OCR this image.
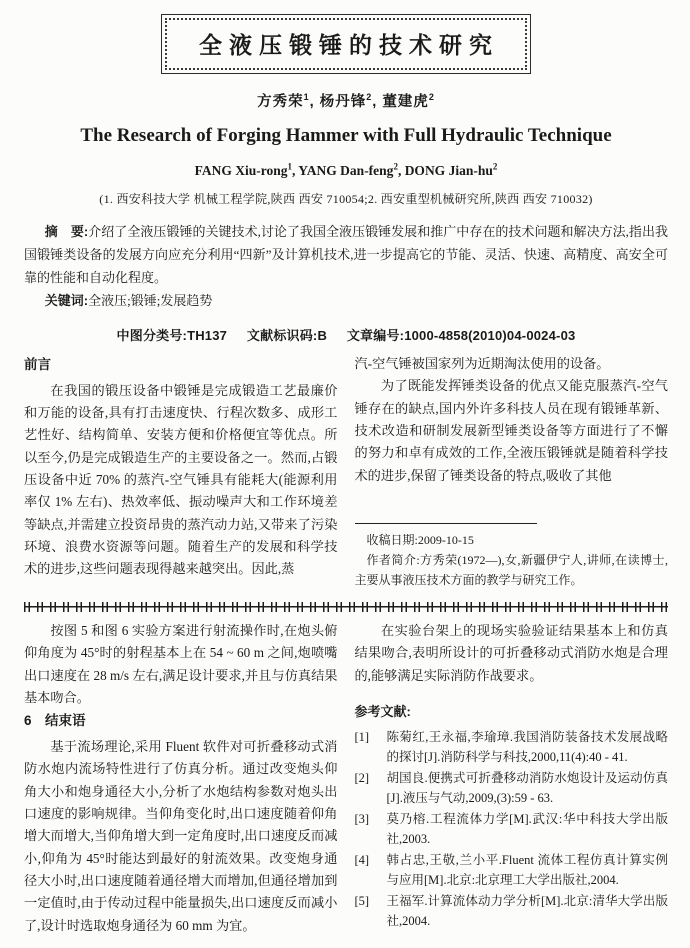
全液压锻锤的技术研究
方秀荣$^1$, 杨丹锋$^2$, 董建虎$^2$
The Research of Forging Hammer with Full Hydraulic Technique
FANG Xiu-rong$^1$, YANG Dan-feng$^2$, DONG Jian-$hu^2$
(1. 西安科技大学 机械工程学院,陕西 西安 710054;2. 西安重型机械研究所,陕西 西安 710032)

摘　要:介绍了全液压锻锤的关键技术,讨论了我国全液压锻锤发展和推广中存在的技术问题和解决方法,指出我国锻锤类设备的发展方向应充分利用“四新”及计算机技术,进一步提高它的节能、灵活、快速、高精度、高安全可靠的性能和自动化程度。

关键词:全液压;锻锤;发展趋势

中图分类号:TH137 文献标识码:B 文章编号:1000-4858(2010)04-0024-03
前言

在我国的锻压设备中锻锤是完成锻造工艺最廉价和万能的设备,具有打击速度快、行程次数多、成形工艺性好、结构简单、安装方便和价格便宜等优点。所以至今,仍是完成锻造生产的主要设备之一。然而,占锻压设备中近 70% 的蒸汽-空气锤具有能耗大(能源利用率仅 1% 左右)、热效率低、振动噪声大和工作环境差等缺点,并需建立投资昂贵的蒸汽动力站,又带来了污染环境、浪费水资源等问题。随着生产的发展和科学技术的进步,这些问题表现得越来越突出。因此,蒸

汽-空气锤被国家列为近期淘汰使用的设备。

为了既能发挥锤类设备的优点又能克服蒸汽-空气锤存在的缺点,国内外许多科技人员在现有锻锤革新、技术改造和研制发展新型锤类设备等方面进行了不懈的努力和卓有成效的工作,全液压锻锤就是随着科学技术的进步,保留了锤类设备的特点,吸收了其他

收稿日期:2009-10-15

作者简介:方秀荣(1972—),女,新疆伊宁人,讲师,在读博士,主要从事液压技术方面的教学与研究工作。

按图 5 和图 6 实验方案进行射流操作时,在炮头俯仰角度为 45°时的射程基本上在 54 ~ 60 m 之间,炮喷嘴出口速度在 28 m/s 左右,满足设计要求,并且与仿真结果基本吻合。

6　结束语

基于流场理论,采用 Fluent 软件对可折叠移动式消防水炮内流场特性进行了仿真分析。通过改变炮头仰角大小和炮身通径大小,分析了水炮结构参数对炮头出口速度的影响规律。当仰角变化时,出口速度随着仰角增大而增大,当仰角增大到一定角度时,出口速度反而减小,仰角为 45°时能达到最好的射流效果。改变炮身通径大小时,出口速度随着通径增大而增加,但通径增加到一定值时,由于传动过程中能量损失,出口速度反而减小了,设计时选取炮身通径为 60 mm 为宜。

在实验台架上的现场实验验证结果基本上和仿真结果吻合,表明所设计的可折叠移动式消防水炮是合理的,能够满足实际消防作战要求。

参考文献:
[1]	陈菊红,王永福,李瑜璋.我国消防装备技术发展战略的探讨[J].消防科学与科技,2000,11(4):40 - 41.
[2]	胡国良.便携式可折叠移动消防水炮设计及运动仿真[J].液压与气动,2009,(3):59 - 63.
[3]	莫乃榕.工程流体力学[M].武汉:华中科技大学出版社,2003.
[4]	韩占忠,王敬,兰小平.Fluent 流体工程仿真计算实例与应用[M].北京:北京理工大学出版社,2004.
[5]	王福军.计算流体动力学分析[M].北京:清华大学出版社,2004.
